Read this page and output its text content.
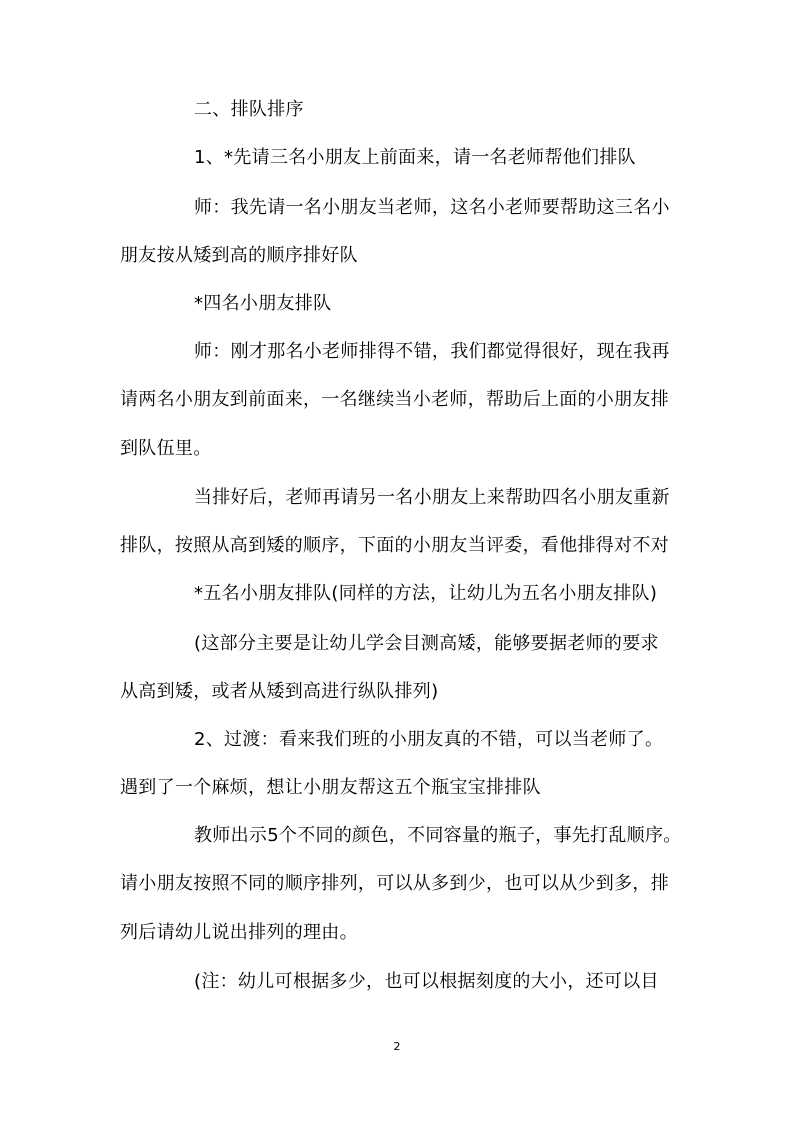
二、排队排序
1、*先请三名小朋友上前面来，请一名老师帮他们排队
师：我先请一名小朋友当老师，这名小老师要帮助这三名小
朋友按从矮到高的顺序排好队
*四名小朋友排队
师：刚才那名小老师排得不错，我们都觉得很好，现在我再
请两名小朋友到前面来，一名继续当小老师，帮助后上面的小朋友排
到队伍里。
当排好后，老师再请另一名小朋友上来帮助四名小朋友重新
排队，按照从高到矮的顺序，下面的小朋友当评委，看他排得对不对
*五名小朋友排队(同样的方法，让幼儿为五名小朋友排队)
(这部分主要是让幼儿学会目测高矮，能够要据老师的要求
从高到矮，或者从矮到高进行纵队排列)
2、过渡：看来我们班的小朋友真的不错，可以当老师了。
遇到了一个麻烦，想让小朋友帮这五个瓶宝宝排排队
教师出示5个不同的颜色，不同容量的瓶子，事先打乱顺序。
请小朋友按照不同的顺序排列，可以从多到少，也可以从少到多，排
列后请幼儿说出排列的理由。
(注：幼儿可根据多少，也可以根据刻度的大小，还可以目
2
